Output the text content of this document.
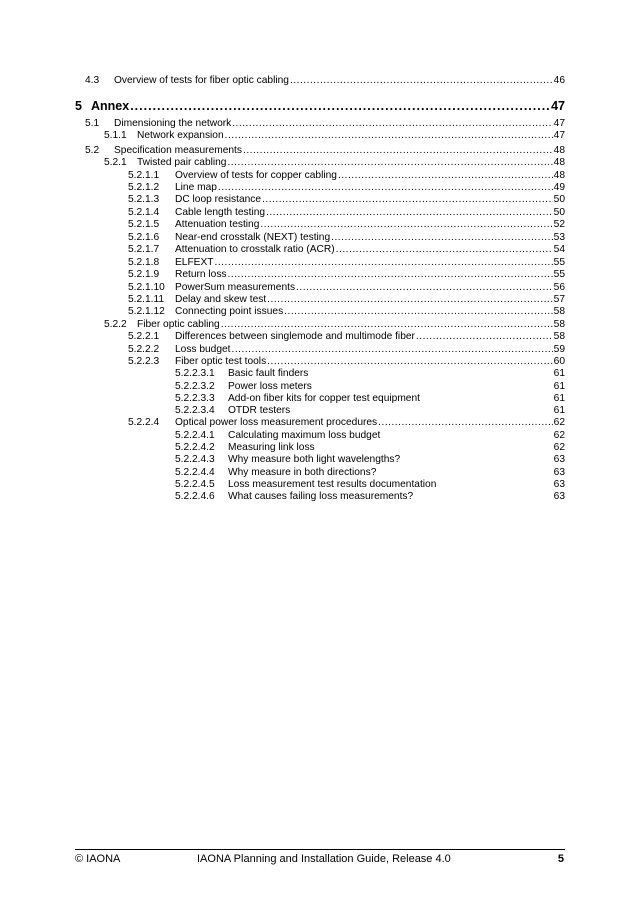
4.3	Overview of tests for fiber optic cabling .....	46
5 Annex .....	47
5.1	Dimensioning the network .....	47
5.1.1	Network expansion .....	47
5.2	Specification measurements .....	48
5.2.1	Twisted pair cabling .....	48
5.2.1.1	Overview of tests for copper cabling .....	48
5.2.1.2	Line map .....	49
5.2.1.3	DC loop resistance .....	50
5.2.1.4	Cable length testing .....	50
5.2.1.5	Attenuation testing .....	52
5.2.1.6	Near-end crosstalk (NEXT) testing .....	53
5.2.1.7	Attenuation to crosstalk ratio (ACR) .....	54
5.2.1.8	ELFEXT .....	55
5.2.1.9	Return loss .....	55
5.2.1.10 PowerSum measurements .....	56
5.2.1.11	Delay and skew test .....	57
5.2.1.12 Connecting point issues .....	58
5.2.2	Fiber optic cabling .....	58
5.2.2.1	Differences between singlemode and multimode fiber .....	58
5.2.2.2	Loss budget .....	59
5.2.2.3	Fiber optic test tools .....	60
5.2.2.3.1	Basic fault finders	61
5.2.2.3.2	Power loss meters	61
5.2.2.3.3	Add-on fiber kits for copper test equipment	61
5.2.2.3.4	OTDR testers	61
5.2.2.4	Optical power loss measurement procedures .....	62
5.2.2.4.1	Calculating maximum loss budget	62
5.2.2.4.2	Measuring link loss	62
5.2.2.4.3	Why measure both light wavelengths?	63
5.2.2.4.4	Why measure in both directions?	63
5.2.2.4.5	Loss measurement test results documentation	63
5.2.2.4.6	What causes failing loss measurements?	63
© IAONA	IAONA Planning and Installation Guide, Release 4.0	5
